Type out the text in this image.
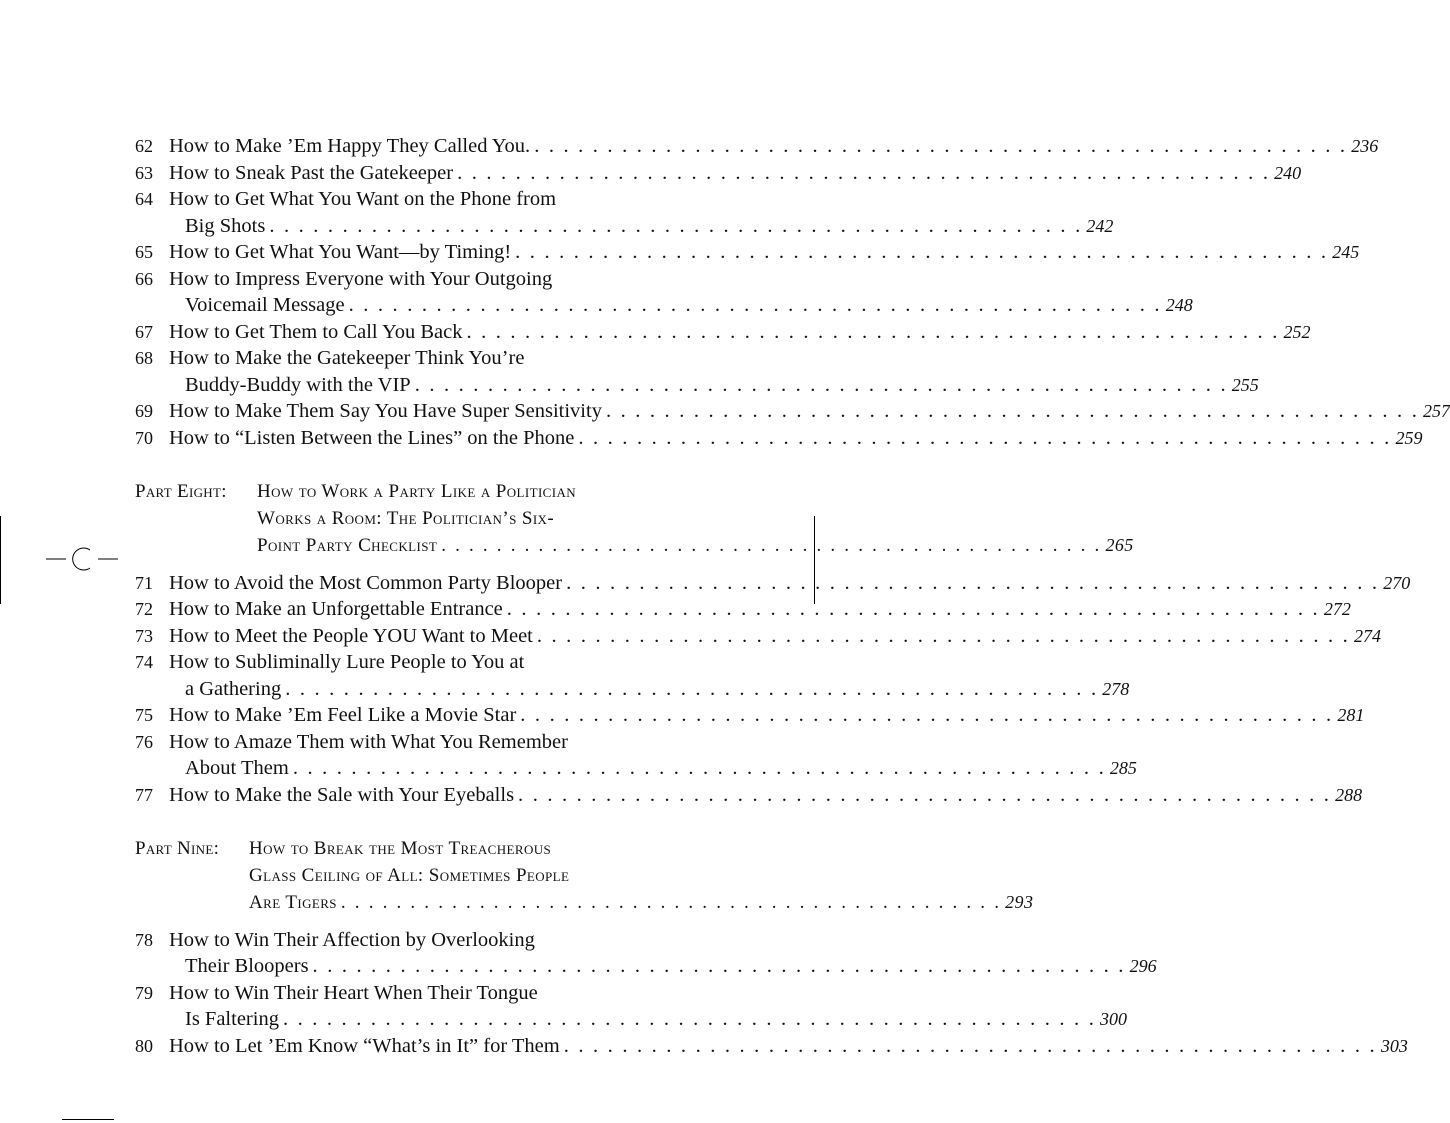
62 How to Make ’Em Happy They Called You. . . . . . . . . . . . . . . . . . . . . . . . . . . . . . . . . . . . . . . . . . . . . . . . . . . . . . . . . 236
63 How to Sneak Past the Gatekeeper . . . . . . . . . . . . . . . . . . . . . . . . . . . . . . . . . . . . . . . . . . . . . . . . . . . . . . . . 240
64 How to Get What You Want on the Phone from
Big Shots . . . . . . . . . . . . . . . . . . . . . . . . . . . . . . . . . . . . . . . . . . . . . . . . . . . . . . . . 242
65 How to Get What You Want—by Timing! . . . . . . . . . . . . . . . . . . . . . . . . . . . . . . . . . . . . . . . . . . . . . . . . . . . . . . . . 245
66 How to Impress Everyone with Your Outgoing
Voicemail Message . . . . . . . . . . . . . . . . . . . . . . . . . . . . . . . . . . . . . . . . . . . . . . . . . . . . . . . . 248
67 How to Get Them to Call You Back . . . . . . . . . . . . . . . . . . . . . . . . . . . . . . . . . . . . . . . . . . . . . . . . . . . . . . . . 252
68 How to Make the Gatekeeper Think You’re
Buddy-Buddy with the VIP . . . . . . . . . . . . . . . . . . . . . . . . . . . . . . . . . . . . . . . . . . . . . . . . . . . . . . . . 255
69 How to Make Them Say You Have Super Sensitivity . . . . . . . . . . . . . . . . . . . . . . . . . . . . . . . . . . . . . . . . . . . . . . . . . . . . . . . . 257
70 How to “Listen Between the Lines” on the Phone . . . . . . . . . . . . . . . . . . . . . . . . . . . . . . . . . . . . . . . . . . . . . . . . . . . . . . . . 259
Part Eight:	How to Work a Party Like a Politician
Works a Room: The Politician’s Six-
Point Party Checklist . . . . . . . . . . . . . . . . . . . . . . . . . . . . . . . . . . . . . . . . . . . . . . . . 265
71 How to Avoid the Most Common Party Blooper . . . . . . . . . . . . . . . . . . . . . . . . . . . . . . . . . . . . . . . . . . . . . . . . . . . . . . . . 270
72 How to Make an Unforgettable Entrance . . . . . . . . . . . . . . . . . . . . . . . . . . . . . . . . . . . . . . . . . . . . . . . . . . . . . . . . 272
73 How to Meet the People YOU Want to Meet . . . . . . . . . . . . . . . . . . . . . . . . . . . . . . . . . . . . . . . . . . . . . . . . . . . . . . . . 274
74 How to Subliminally Lure People to You at
a Gathering . . . . . . . . . . . . . . . . . . . . . . . . . . . . . . . . . . . . . . . . . . . . . . . . . . . . . . . . 278
75 How to Make ’Em Feel Like a Movie Star . . . . . . . . . . . . . . . . . . . . . . . . . . . . . . . . . . . . . . . . . . . . . . . . . . . . . . . . 281
76 How to Amaze Them with What You Remember
About Them . . . . . . . . . . . . . . . . . . . . . . . . . . . . . . . . . . . . . . . . . . . . . . . . . . . . . . . . 285
77 How to Make the Sale with Your Eyeballs . . . . . . . . . . . . . . . . . . . . . . . . . . . . . . . . . . . . . . . . . . . . . . . . . . . . . . . . 288
Part Nine:	How to Break the Most Treacherous
Glass Ceiling of All: Sometimes People
Are Tigers . . . . . . . . . . . . . . . . . . . . . . . . . . . . . . . . . . . . . . . . . . . . . . . . 293
78 How to Win Their Affection by Overlooking
Their Bloopers . . . . . . . . . . . . . . . . . . . . . . . . . . . . . . . . . . . . . . . . . . . . . . . . . . . . . . . . 296
79 How to Win Their Heart When Their Tongue
Is Faltering . . . . . . . . . . . . . . . . . . . . . . . . . . . . . . . . . . . . . . . . . . . . . . . . . . . . . . . . 300
80 How to Let ’Em Know “What’s in It” for Them . . . . . . . . . . . . . . . . . . . . . . . . . . . . . . . . . . . . . . . . . . . . . . . . . . . . . . . . 303
